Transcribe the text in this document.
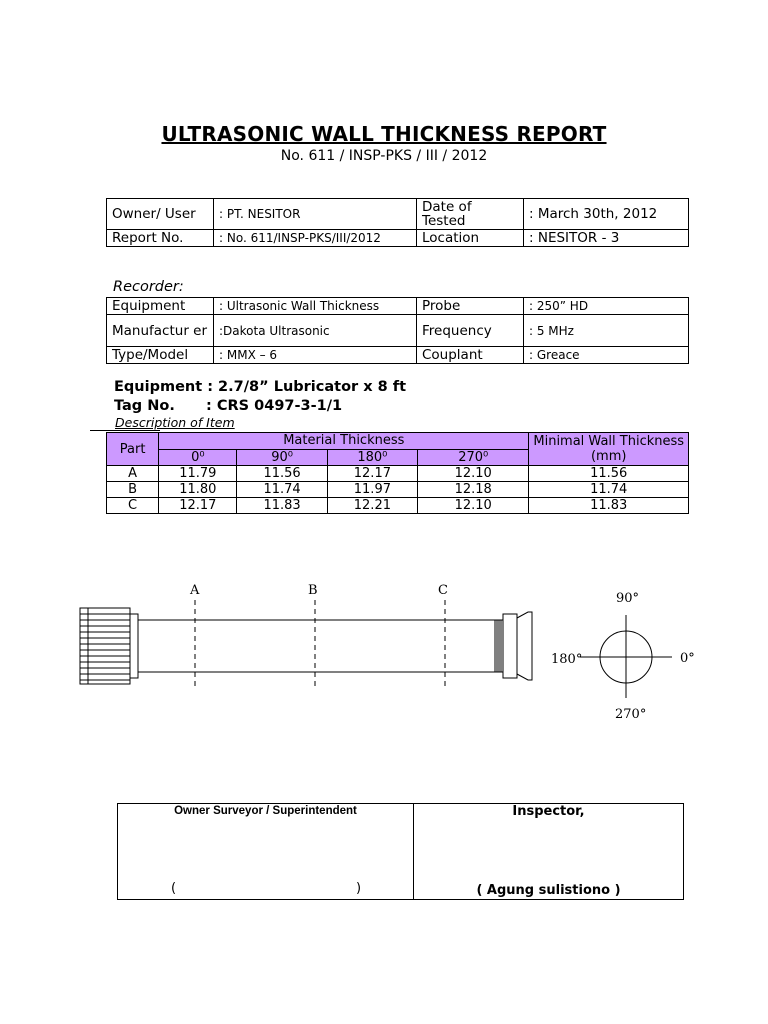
ULTRASONIC WALL THICKNESS REPORT
No. 611 / INSP-PKS / III / 2012
Owner/ User	: PT. NESITOR	Date of Tested	: March 30th, 2012
Report No.	: No. 611/INSP-PKS/III/2012	Location	: NESITOR - 3
Recorder:
Equipment	: Ultrasonic Wall Thickness	Probe	: 250” HD
Manufactur er	:Dakota Ultrasonic	Frequency	: 5 MHz
Type/Model	: MMX – 6	Couplant	: Greace
Equipment : 2.7/8” Lubricator x 8 ft
Tag No. : CRS 0497-3-1/1
Description of Item
Part	Material Thickness				Minimal Wall Thickness (mm)
	0⁰	90⁰	180⁰	270⁰	
A	11.79	11.56	12.17	12.10	11.56
B	11.80	11.74	11.97	12.18	11.74
C	12.17	11.83	12.21	12.10	11.83
A	B	C
90°
180°	0°
270°
Owner Surveyor / Superintendent
(	)

Inspector,
( Agung sulistiono )
